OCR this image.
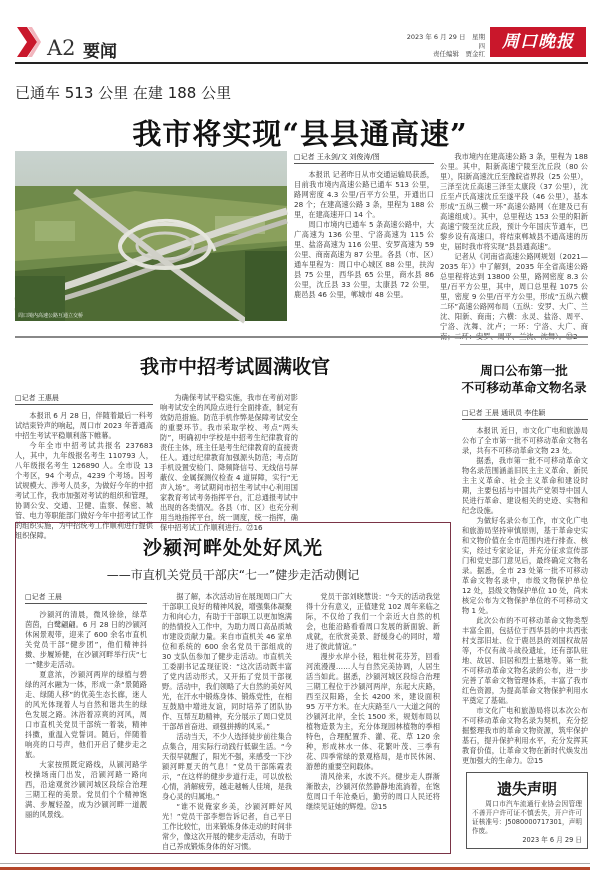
A2 要闻
2023 年 6 月 29 日　星期四
责任编辑　贾金红
周口晚报
已通车 513 公里 在建 188 公里
我市将实现“县县通高速”
周口境内高速公路互通立交桥
□记者 王永剑/文 刘俊涛/图

本报讯 记者昨日从市交通运输局获悉，目前我市境内高速公路已通车 513 公里，路网密度 4.3 公里/百平方公里，开通出口 28 个；在建高速公路 3 条，里程为 188 公里，在建高速开口 14 个。

周口市境内已通车 5 条高速公路中，大广高速为 136 公里、宁洛高速为 115 公里、盐洛高速为 116 公里、安罗高速为 59 公里、商南高速为 87 公里。各县（市、区）通车里程为：周口中心城区 88 公里，扶沟县 75 公里，西华县 65 公里，商水县 86 公里，沈丘县 33 公里，太康县 72 公里，鹿邑县 46 公里，郸城市 48 公里。

我市境内在建高速公路 3 条，里程为 188 公里。其中，阳新高速宁陵至沈丘段（80 公里），阳新高速沈丘至豫皖省界段（25 公里），三泽至沈丘高速三泽至太康段（37 公里），沈丘至卢氏高速沈丘至遂平段（46 公里），基本形成“五纵三横一环”高速公路网（在建及已有高速组成）。其中，总里程达 153 公里的阳新高速宁陵至沈丘段，预计今年国庆节通车，巴黎乡设有高速口，将结束郸城县不通高速的历史，届时我市将实现“县县通高速”。

记者从《河南省高速公路网规划（2021—2035 年）》中了解到，2035 年全省高速公路总里程将达到 13800 公里，路网密度 8.3 公里/百平方公里，其中，周口总里程 1075 公里，密度 9 公里/百平方公里，形成“五纵六横二环”高速公路网布局（五纵：安罗、大广、兰沈、阳新、商南；六横：永灵、盐洛、周平、宁洛、沈舞、沈卢；一环：宁洛、大广、商

我市中招考试圆满收官
□记者 王惠晨

本报讯 6 月 28 日，伴随着最后一科考试结束铃声的响起，周口市 2023 年普通高中招生考试平稳顺利落下帷幕。

今年全市中招考试共报名 237683 人，其中，九年级报名考生 110793 人，八年级报名考生 126890 人。全市设 13 个考区，94 个考点，4239 个考场。因考试规模大、涉考人员多，为做好今年的中招考试工作，我市加强对考试的组织和管理，协调公安、交通、卫健、监察、保密、城管、电力等职能部门做好今年中招考试工作的组织实施，为中招统考工作顺利进行提供组织保障。

为确保考试平稳实施，我市在考前对影响考试安全的风险点进行全面排查，制定有效防范措施。防范手机作弊是保障考试安全的重要环节。我市采取学校、考点“两头防”，明确初中学校是中招考生纪律教育的责任主体，班主任是考生纪律教育的直接责任人。通过纪律教育加强源头防范；考点防手机设置安检门、降频降信号、无线信号屏蔽仪、金属探测仪检查 4 道屏障，实行“无声入场”。考试期间市招生考试中心利用国家教育考试考务指挥平台，汇总通报考试中出现的各类情况。各县（市、区）也充分利用当地指挥平台，统一调度，统一指挥，确保中招考试工作顺利进行。㉒16

周口公布第一批
不可移动革命文物名录
□记者 王晨 通讯员 李佳颖

本报讯 近日，市文化广电和旅游局公布了全市第一批不可移动革命文物名录，共有不可移动革命文物 23 处。

据悉，我市第一批不可移动革命文物名录范围涵盖旧民主主义革命、新民主主义革命、社会主义革命和建设时期，主要包括与中国共产党领导中国人民进行革命、建设相关的史迹、实物和纪念设施。

为做好名录公布工作，市文化广电和旅游局坚持审慎原则，基于革命史实和文物价值在全市范围内进行排查、核实，经过专家论证，并充分征求宣传部门和党史部门意见后，最终确定文物名录。据悉，全市 23 处第一批不可移动革命文物名录中，市级文物保护单位 12 处，县级文物保护单位 10 处，尚未核定公布为文物保护单位的不可移动文物 1 处。

此次公布的不可移动革命文物类型丰富全面，包括位于西华县的中共西张村支部旧址、位于鹿邑县的刘国权故居等，不仅有战斗战役遗址，还有部队驻地、故居、旧居和烈士墓地等。第一批不可移动革命文物名录的公布，进一步完善了革命文物管理体系，丰富了我市红色资源，为提高革命文物保护利用水平奠定了基础。

市文化广电和旅游局将以本次公布不可移动革命文物名录为契机，充分挖掘整理我市的革命文物资源，筑牢保护基石，提升保护利用水平，充分发挥其教育价值，让革命文物在新时代焕发出更加强大的生命力。㉒15

沙颍河畔处处好风光
——市直机关党员干部庆“七一”健步走活动侧记
□记者 王晨

沙颍河的清晨，微风徐徐，绿草茵茵，白鹭翩翩。6 月 28 日的沙颍河休闲景观带，迎来了 600 余名市直机关党员干部“健步团”，他们精神抖擞、步履矫健，在沙颍河畔举行庆“七一”健步走活动。

夏意浓，沙颍河两岸的绿植与碧绿的河水融为一体，形成一条“景随路走、绿随人移”的优美生态长廊，迷人的风光体现着人与自然和谐共生的绿色发展之路。沐浴着凉爽的河风，周口市直机关党员干部统一着装，精神抖擞，重温入党誓词。随后，伴随着响亮的口号声，他们开启了健步走之旅。

大家按照既定路线，从颍河路学校操场南门出发，沿颍河路一路向西，沿途观赏沙颍河城区段综合治理三期工程的美景。党员们个个精神饱满、步履轻盈，成为沙颍河畔一道靓丽的风景线。

据了解，本次活动旨在展现周口广大干部职工良好的精神风貌，增强集体凝聚力和向心力，有助于干部职工以更加饱满的热情投入工作中，为助力周口高品质城市建设贡献力量。来自市直机关 46 家单位和系统的 600 余名党员干部组成的 30 支队伍参加了健步走活动。市直机关工委副书记孟现征说：“这次活动既丰富了党内活动形式，又开拓了党员干部视野。活动中，我们领略了大自然的美好风光，在汗水中锻炼身体、锻炼党性，在相互鼓励中增进友谊，同时培养了团队协作、互帮互助精神，充分展示了周口党员干部昂首奋进、顽强拼搏的风采。”

活动当天，不少人选择徒步前往集合点集合，用实际行动践行低碳生活。“今天很早就醒了，阳光不强，来感受一下沙颍河畔夏天的气息！”党员干部陈霞表示，“在这样的健步步道行走，可以放松心情，消解疲劳，越走越畅人佳境，是我身心灵的归属地。”

“谁不说俺家乡美，沙颍河畔好风光！”党员干部李想告诉记者，自己平日工作比较忙，出来锻炼身体走动的时间非常少，像这次开展的健步走活动，有助于自己养成锻炼身体的好习惯。

党员干部刘晓慧说：“今天的活动我觉得十分有意义，正值建党 102 周年来临之际，不仅给了我们一个亲近大自然的机会，也能沿路看看周口发展的新面貌、新成就，在欣赏美景、舒缓身心的同时，增进了彼此情谊。”

漫步水岸小径，粗壮树花芬芳，回看河流漫漫……人与自然完美协调，人居生活当如此。据悉，沙颍河城区段综合治理三期工程位于沙颍河两岸，东起大庆路，西至汉阳路，全长 4200 米，建设面积 95 万平方米。在大庆路至八一大道之间的沙颍河北岸，全长 1500 米，规划布局以植物造景为主，充分体现园林植物的季相特色，合理配置乔、灌、花、草 120 余种，形成林水一体、花繁叶茂、三季有花、四季常绿的景观格局，是市民休闲、游憩的重要空间载体。

清风徐来，水波不兴。健步走人群渐渐散去，沙颍河依然静静地流淌着，在饱览周口千年沧桑后，勤劳的周口人民还将继续见证她的辉煌。㉒15

遗失声明

周口市汽车流通行业协会因管理不善开户许可证不慎丢失，开户许可证核准号：J5080000717301，声明作废。

2023 年 6 月 29 日
